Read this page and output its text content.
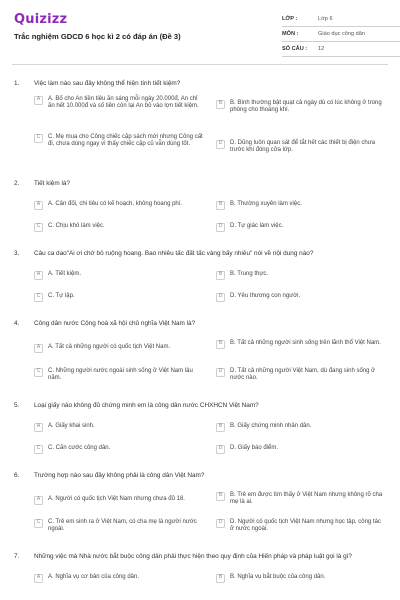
Quizizz
Trắc nghiệm GDCD 6 học kì 2 có đáp án (Đề 3)
LỚP :	Lớp 6
MÔN :	Giáo dục công dân
SỐ CÂU :	12
1. Việc làm nào sau đây không thể hiện tính tiết kiệm?
A	A. Bố cho An tiền tiêu ăn sáng mỗi ngày 20.000đ, An chỉ ăn hết 10.000đ và số tiền còn lại An bỏ vào lợn tiết kiệm.
B	B. Bình thường bật quạt cả ngày dù có lúc không ở trong phòng cho thoáng khí.
C	C. Mẹ mua cho Công chiếc cặp sách mới nhưng Công cất đi, chưa dùng ngay vì thấy chiếc cặp cũ vẫn dùng tốt.	D	D. Dũng luôn quan sát để tắt hết các thiết bị điện chưa trước khi đóng cửa lớp.
2. Tiết kiệm là?
A	A. Cân đối, chi tiêu có kế hoạch, không hoang phí.	B	B. Thường xuyên làm việc.
C	C. Chịu khó làm việc.	D	D. Tự giác làm việc.
3. Câu ca dao"Ai ơi chớ bỏ ruộng hoang. Bao nhiêu tấc đất tấc vàng bấy nhiêu" nói về nội dung nào?
A	A. Tiết kiệm.	B	B. Trung thực.
C	C. Tự lập.	D	D. Yêu thương con người.
4. Công dân nước Cộng hoà xã hội chủ nghĩa Việt Nam là?
A	A. Tất cả những người có quốc tịch Việt Nam.
B	B. Tất cả những người sinh sống trên lãnh thổ Việt Nam.
C	C. Những người nước ngoài sinh sống ở Việt Nam lâu năm.
D	D. Tất cả những người Việt Nam, dù đang sinh sống ở nước nào.
5. Loại giấy nào không đủ chứng minh em là công dân nước CHXHCN Việt Nam?
A	A. Giấy khai sinh.	B	B. Giấy chứng minh nhân dân.
C	C. Căn cước công dân.	D	D. Giấy báo điểm.
6. Trường hợp nào sau đây không phải là công dân Việt Nam?
A	A. Người có quốc tịch Việt Nam nhưng chưa đủ 18.
B	B. Trẻ em được tìm thấy ở Việt Nam nhưng không rõ cha mẹ là ai.
C	C. Trẻ em sinh ra ở Việt Nam, có cha mẹ là người nước ngoài.
D	D. Người có quốc tịch Việt Nam nhưng học tập, công tác ở nước ngoài.
7. Những việc mà Nhà nước bắt buộc công dân phải thực hiện theo quy định của Hiến pháp và pháp luật gọi là gì?
A	A. Nghĩa vụ cơ bản của công dân.	B	B. Nghĩa vụ bắt buộc của công dân.
